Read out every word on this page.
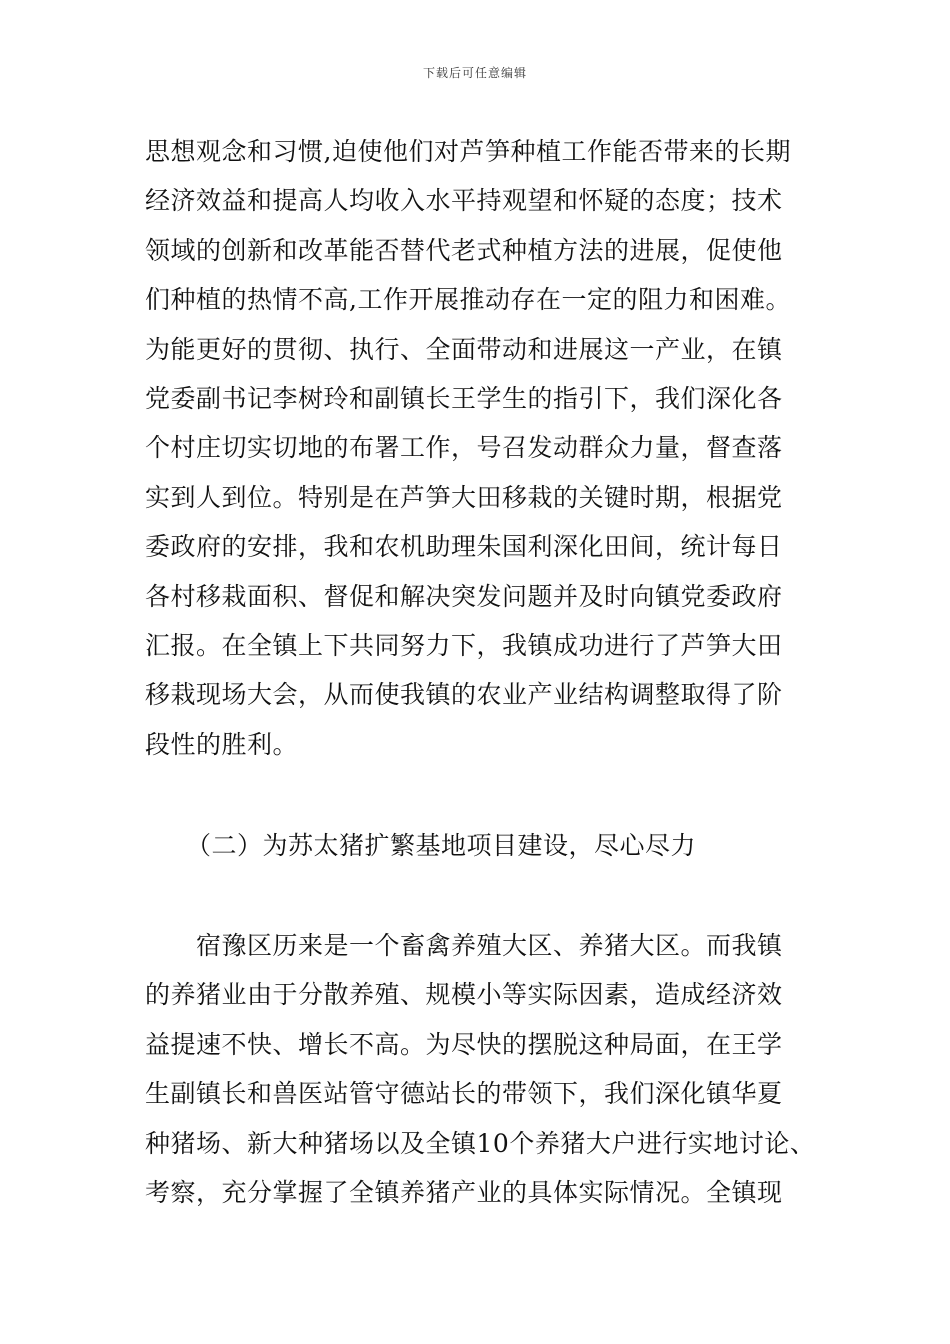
下载后可任意编辑
思想观念和习惯,迫使他们对芦笋种植工作能否带来的长期
经济效益和提高人均收入水平持观望和怀疑的态度；技术
领域的创新和改革能否替代老式种植方法的进展，促使他
们种植的热情不高,工作开展推动存在一定的阻力和困难。
为能更好的贯彻、执行、全面带动和进展这一产业，在镇
党委副书记李树玲和副镇长王学生的指引下，我们深化各
个村庄切实切地的布署工作，号召发动群众力量，督查落
实到人到位。特别是在芦笋大田移栽的关键时期，根据党
委政府的安排，我和农机助理朱国利深化田间，统计每日
各村移栽面积、督促和解决突发问题并及时向镇党委政府
汇报。在全镇上下共同努力下，我镇成功进行了芦笋大田
移栽现场大会，从而使我镇的农业产业结构调整取得了阶
段性的胜利。
（二）为苏太猪扩繁基地项目建设，尽心尽力
　　宿豫区历来是一个畜禽养殖大区、养猪大区。而我镇
的养猪业由于分散养殖、规模小等实际因素，造成经济效
益提速不快、增长不高。为尽快的摆脱这种局面，在王学
生副镇长和兽医站管守德站长的带领下，我们深化镇华夏
种猪场、新大种猪场以及全镇10个养猪大户进行实地讨论、
考察，充分掌握了全镇养猪产业的具体实际情况。全镇现
